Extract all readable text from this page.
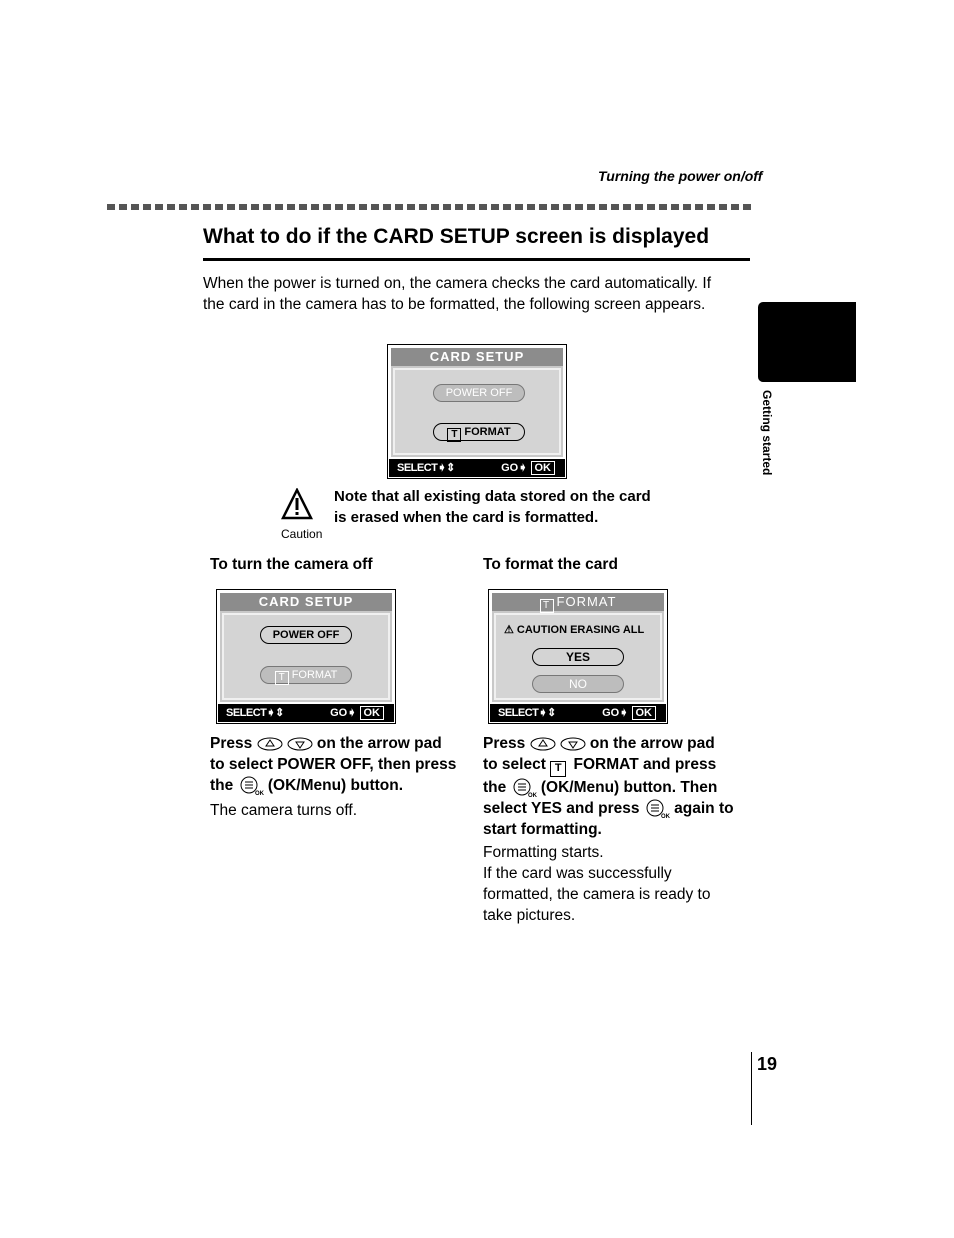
Turning the power on/off
What to do if the CARD SETUP screen is displayed
When the power is turned on, the camera checks the card automatically. If
the card in the camera has to be formatted, the following screen appears.
Getting started
CARD SETUP
POWER OFF
T FORMAT
SELECT➧⇕	GO➧ OK
Caution
Note that all existing data stored on the card
is erased when the card is formatted.
To turn the camera off
CARD SETUP
POWER OFF
T FORMAT
SELECT➧⇕	GO➧ OK
Press	on the arrow pad
to select POWER OFF, then press
the	OK (OK/Menu) button.
The camera turns off.
To format the card
T FORMAT
⚠ CAUTION ERASING ALL
YES
NO
SELECT➧⇕	GO➧ OK
Press	on the arrow pad
to select T FORMAT and press
the	OK (OK/Menu) button. Then
select YES and press	OK again to
start formatting.
Formatting starts.
If the card was successfully
formatted, the camera is ready to
take pictures.
19
